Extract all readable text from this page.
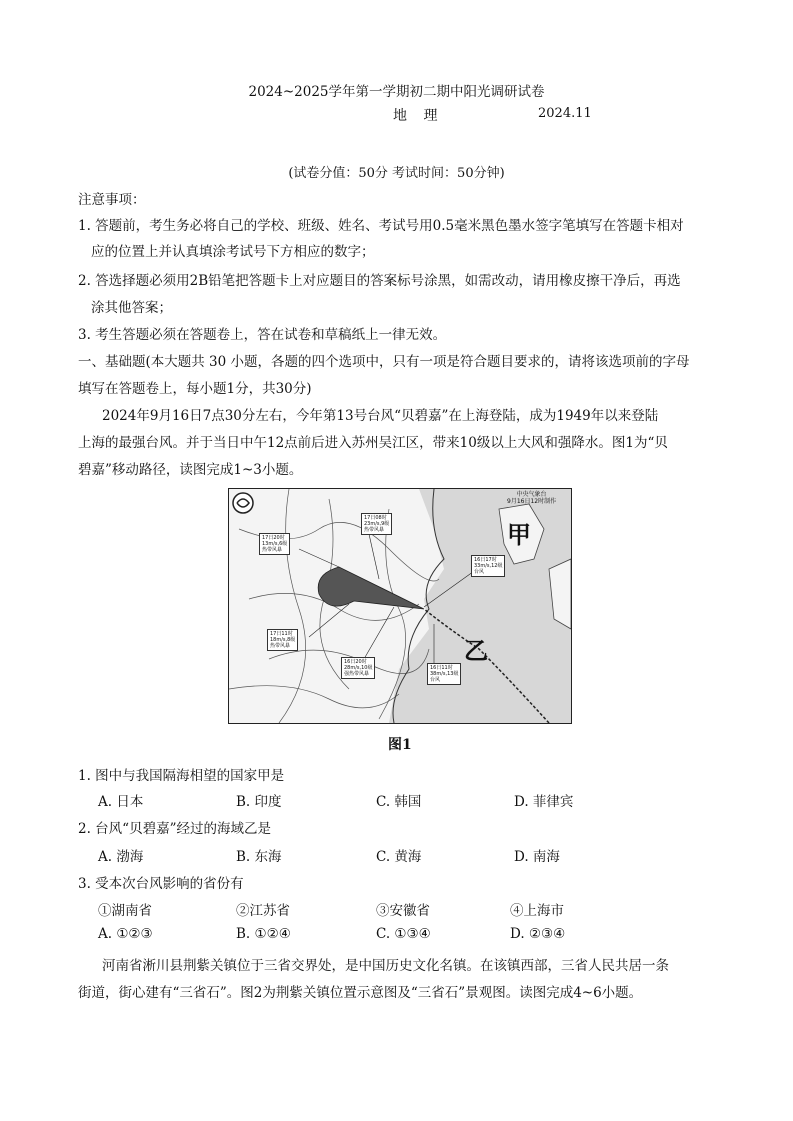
2024~2025学年第一学期初二期中阳光调研试卷
地 理	2024.11
(试卷分值：50分 考试时间：50分钟)
注意事项：
1. 答题前，考生务必将自己的学校、班级、姓名、考试号用0.5毫米黑色墨水签字笔填写在答题卡相对
应的位置上并认真填涂考试号下方相应的数字；
2. 答选择题必须用2B铅笔把答题卡上对应题目的答案标号涂黑，如需改动，请用橡皮擦干净后，再选
涂其他答案；
3. 考生答题必须在答题卷上，答在试卷和草稿纸上一律无效。
一、基础题(本大题共 30 小题，各题的四个选项中，只有一项是符合题目要求的，请将该选项前的字母
填写在答题卷上，每小题1分，共30分)
2024年9月16日7点30分左右，今年第13号台风“贝碧嘉”在上海登陆，成为1949年以来登陆
上海的最强台风。并于当日中午12点前后进入苏州吴江区，带来10级以上大风和强降水。图1为“贝
碧嘉”移动路径，读图完成1~3小题。
中央气象台
9月16日12时制作
甲
乙
17日20时
13m/s,6级
热带风暴
17日08时
23m/s,9级
热带风暴
16日17时
33m/s,12级
台风
17日11时
18m/s,8级
热带风暴
16日20时
28m/s,10级
强热带风暴
16日11时
38m/s,13级
台风
图1
1. 图中与我国隔海相望的国家甲是
A. 日本	B. 印度	C. 韩国	D. 菲律宾
2. 台风“贝碧嘉”经过的海域乙是
A. 渤海	B. 东海	C. 黄海	D. 南海
3. 受本次台风影响的省份有
①湖南省	②江苏省	③安徽省	④上海市
A. ①②③	B. ①②④	C. ①③④	D. ②③④
河南省淅川县荆紫关镇位于三省交界处，是中国历史文化名镇。在该镇西部，三省人民共居一条
街道，街心建有“三省石”。图2为荆紫关镇位置示意图及“三省石”景观图。读图完成4~6小题。
